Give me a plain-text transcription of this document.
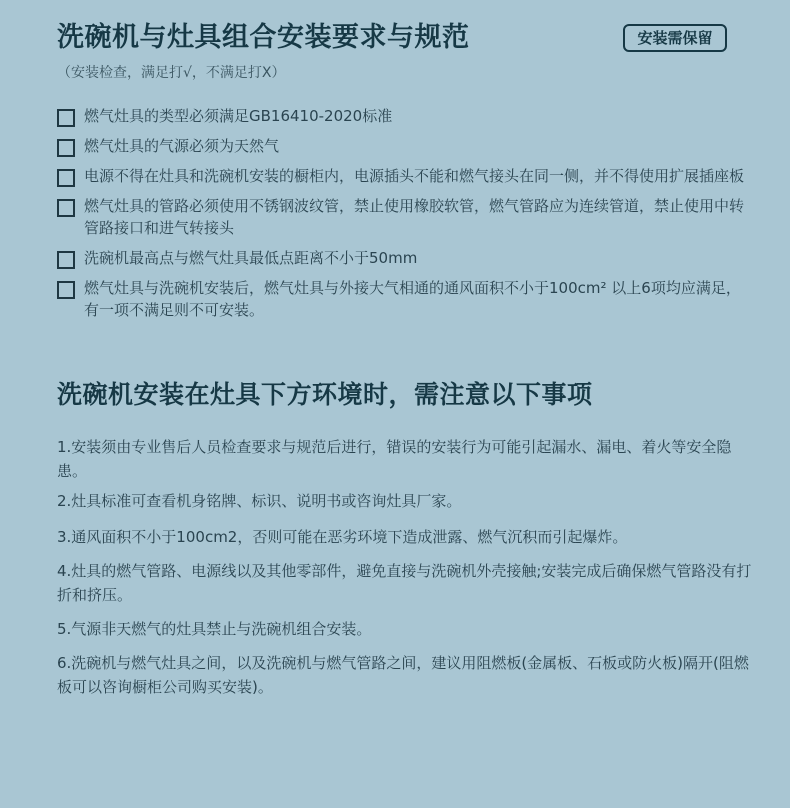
洗碗机与灶具组合安装要求与规范	安装需保留
（安装检查，满足打√，不满足打X）
燃气灶具的类型必须满足GB16410-2020标准
燃气灶具的气源必须为天然气
电源不得在灶具和洗碗机安装的橱柜内，电源插头不能和燃气接头在同一侧，并不得使用扩展插座板
燃气灶具的管路必须使用不锈钢波纹管，禁止使用橡胶软管，燃气管路应为连续管道，禁止使用中转管路接口和进气转接头
洗碗机最高点与燃气灶具最低点距离不小于50mm
燃气灶具与洗碗机安装后，燃气灶具与外接大气相通的通风面积不小于100cm² 以上6项均应满足，有一项不满足则不可安装。
洗碗机安装在灶具下方环境时，需注意以下事项
1.安装须由专业售后人员检查要求与规范后进行，错误的安装行为可能引起漏水、漏电、着火等安全隐患。
2.灶具标准可查看机身铭牌、标识、说明书或咨询灶具厂家。
3.通风面积不小于100cm2，否则可能在恶劣环境下造成泄露、燃气沉积而引起爆炸。
4.灶具的燃气管路、电源线以及其他零部件，避免直接与洗碗机外壳接触;安装完成后确保燃气管路没有打折和挤压。
5.气源非天燃气的灶具禁止与洗碗机组合安装。
6.洗碗机与燃气灶具之间，以及洗碗机与燃气管路之间，建议用阻燃板(金属板、石板或防火板)隔开(阻燃板可以咨询橱柜公司购买安装)。
